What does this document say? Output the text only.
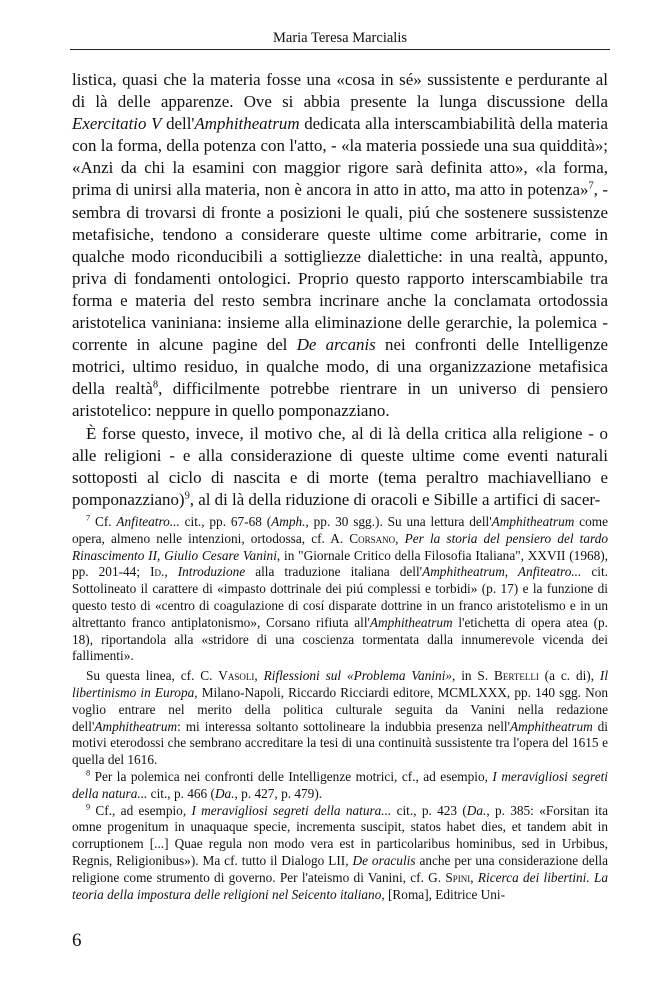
Maria Teresa Marcialis

listica, quasi che la materia fosse una «cosa in sé» sussistente e perdurante al di là delle apparenze. Ove si abbia presente la lunga discussione della Exercitatio V dell'Amphitheatrum dedicata alla interscambiabilità della materia con la forma, della potenza con l'atto, - «la materia possiede una sua quiddità»; «Anzi da chi la esamini con maggior rigore sarà definita atto», «la forma, prima di unirsi alla materia, non è ancora in atto in atto, ma atto in potenza»$^7$, - sembra di trovarsi di fronte a posizioni le quali, piú che sostenere sussistenze metafisiche, tendono a considerare queste ultime come arbitrarie, come in qualche modo riconducibili a sottigliezze dialettiche: in una realtà, appunto, priva di fondamenti ontologici. Proprio questo rapporto interscambiabile tra forma e materia del resto sembra incrinare anche la conclamata ortodossia aristotelica vaniniana: insieme alla eliminazione delle gerarchie, la polemica - corrente in alcune pagine del De arcanis nei confronti delle Intelligenze motrici, ultimo residuo, in qualche modo, di una organizzazione metafisica della realtà$^8$, difficilmente potrebbe rientrare in un universo di pensiero aristotelico: neppure in quello pomponazziano.

È forse questo, invece, il motivo che, al di là della critica alla religione - o alle religioni - e alla considerazione di queste ultime come eventi naturali sottoposti al ciclo di nascita e di morte (tema peraltro machiavelliano e pomponazziano)$^9$, al di là della riduzione di oracoli e Sibille a artifici di sacer-

$^7$ Cf. Anfiteatro... cit., pp. 67-68 (Amph., pp. 30 sgg.). Su una lettura dell'Amphitheatrum come opera, almeno nelle intenzioni, ortodossa, cf. A. Corsano, Per la storia del pensiero del tardo Rinascimento II, Giulio Cesare Vanini, in "Giornale Critico della Filosofia Italiana", XXVII (1968), pp. 201-44; Id., Introduzione alla traduzione italiana dell'Amphitheatrum, Anfiteatro... cit. Sottolineato il carattere di «impasto dottrinale dei piú complessi e torbidi» (p. 17) e la funzione di questo testo di «centro di coagulazione di cosí disparate dottrine in un franco aristotelismo e in un altrettanto franco antiplatonismo», Corsano rifiuta all'Amphitheatrum l'etichetta di opera atea (p. 18), riportandola alla «stridore di una coscienza tormentata dalla innumerevole vicenda dei fallimenti».

Su questa linea, cf. C. Vasoli, Riflessioni sul «Problema Vanini», in S. Bertelli (a c. di), Il libertinismo in Europa, Milano-Napoli, Riccardo Ricciardi editore, MCMLXXX, pp. 140 sgg. Non voglio entrare nel merito della politica culturale seguita da Vanini nella redazione dell'Amphitheatrum: mi interessa soltanto sottolineare la indubbia presenza nell'Amphitheatrum di motivi eterodossi che sembrano accreditare la tesi di una continuità sussistente tra l'opera del 1615 e quella del 1616.

$^8$ Per la polemica nei confronti delle Intelligenze motrici, cf., ad esempio, I meravigliosi segreti della natura... cit., p. 466 (Da., p. 427, p. 479).

$^9$ Cf., ad esempio, I meravigliosi segreti della natura... cit., p. 423 (Da., p. 385: «Forsitan ita omne progenitum in unaquaque specie, incrementa suscipit, statos habet dies, et tandem abit in corruptionem [...] Quae regula non modo vera est in particolaribus hominibus, sed in Urbibus, Regnis, Religionibus»). Ma cf. tutto il Dialogo LII, De oraculis anche per una considerazione della religione come strumento di governo. Per l'ateismo di Vanini, cf. G. Spini, Ricerca dei libertini. La teoria della impostura delle religioni nel Seicento italiano, [Roma], Editrice Uni-

6
